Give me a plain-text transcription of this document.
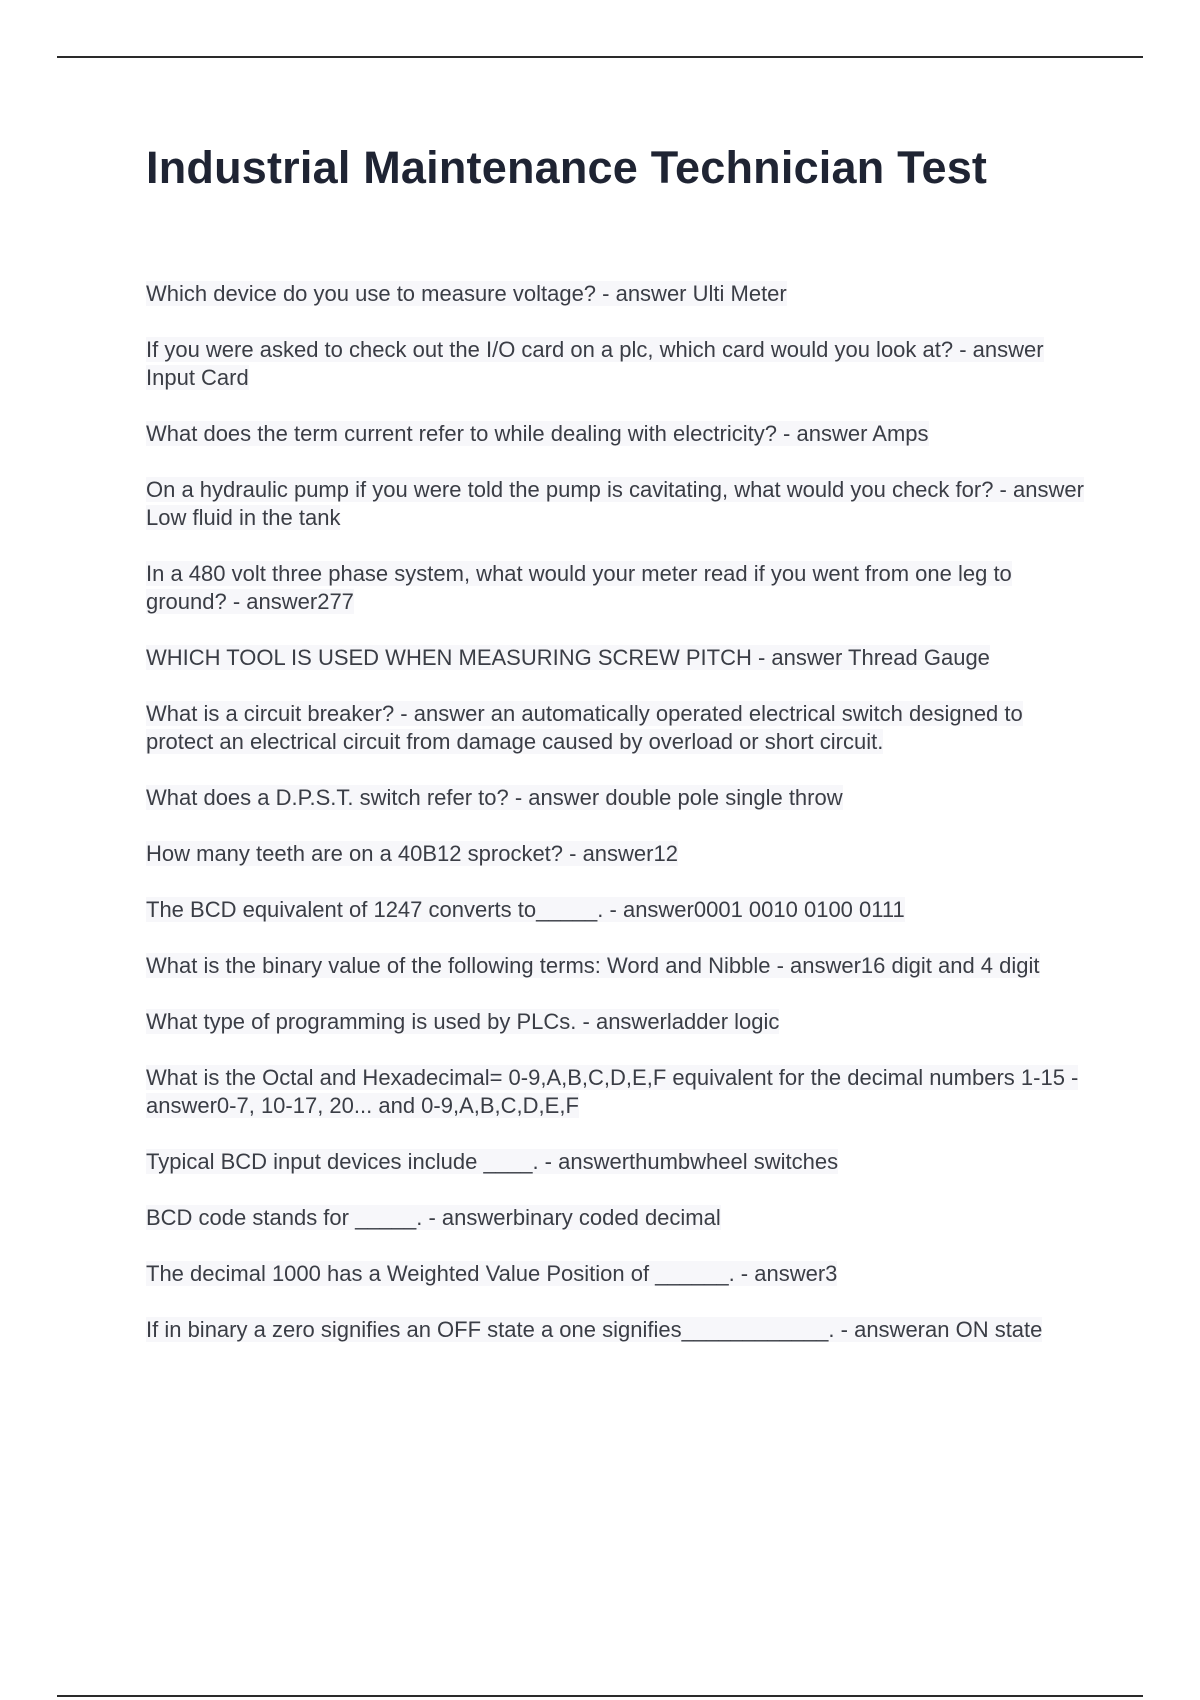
Industrial Maintenance Technician Test
Which device do you use to measure voltage? - answer Ulti Meter
If you were asked to check out the I/O card on a plc, which card would you look at? - answer Input Card
What does the term current refer to while dealing with electricity? - answer Amps
On a hydraulic pump if you were told the pump is cavitating, what would you check for? - answer Low fluid in the tank
In a 480 volt three phase system, what would your meter read if you went from one leg to ground? - answer277
WHICH TOOL IS USED WHEN MEASURING SCREW PITCH - answer Thread Gauge
What is a circuit breaker? - answer an automatically operated electrical switch designed to protect an electrical circuit from damage caused by overload or short circuit.
What does a D.P.S.T. switch refer to? - answer double pole single throw
How many teeth are on a 40B12 sprocket? - answer12
The BCD equivalent of 1247 converts to_____. - answer0001 0010 0100 0111
What is the binary value of the following terms: Word and Nibble - answer16 digit and 4 digit
What type of programming is used by PLCs. - answerladder logic
What is the Octal and Hexadecimal= 0-9,A,B,C,D,E,F equivalent for the decimal numbers 1-15 - answer0-7, 10-17, 20... and 0-9,A,B,C,D,E,F
Typical BCD input devices include ____. - answerthumbwheel switches
BCD code stands for _____. - answerbinary coded decimal
The decimal 1000 has a Weighted Value Position of ______. - answer3
If in binary a zero signifies an OFF state a one signifies____________. - answeran ON state
